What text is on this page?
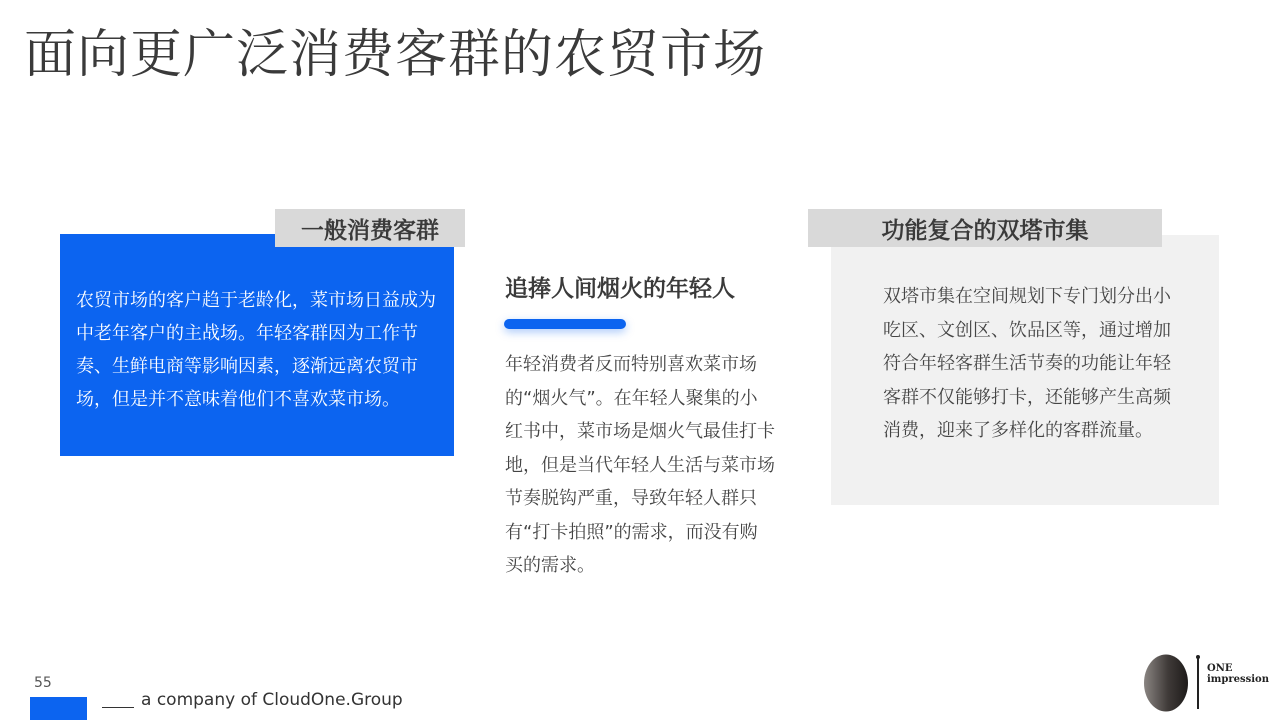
面向更广泛消费客群的农贸市场
农贸市场的客户趋于老龄化，菜市场日益成为中老年客户的主战场。年轻客群因为工作节奏、生鲜电商等影响因素，逐渐远离农贸市场，但是并不意味着他们不喜欢菜市场。
一般消费客群
追捧人间烟火的年轻人
年轻消费者反而特别喜欢菜市场的“烟火气”。在年轻人聚集的小红书中，菜市场是烟火气最佳打卡地，但是当代年轻人生活与菜市场节奏脱钩严重，导致年轻人群只有“打卡拍照”的需求，而没有购买的需求。
双塔市集在空间规划下专门划分出小吃区、文创区、饮品区等，通过增加符合年轻客群生活节奏的功能让年轻客群不仅能够打卡，还能够产生高频消费，迎来了多样化的客群流量。
功能复合的双塔市集
55
a company of CloudOne.Group
ONE
impression
